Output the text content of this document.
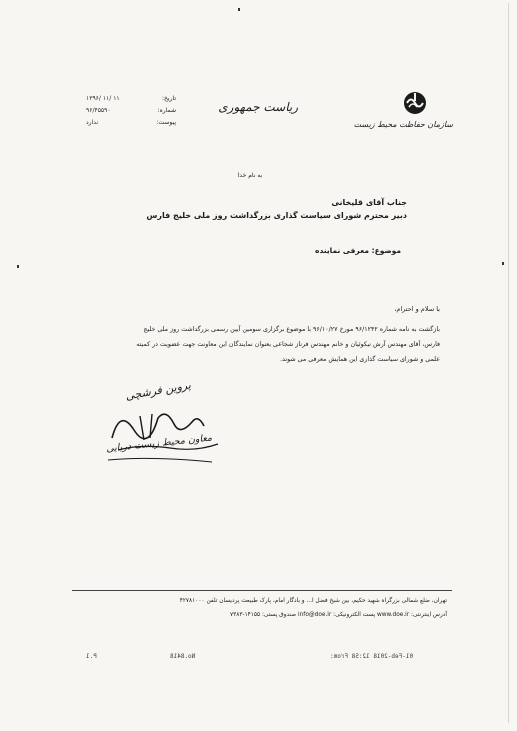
سازمان حفاظت محیط زیست
ریاست جمهوری
تاریخ:
۱۳۹۶/ ۱۱/ ۱۱
شماره:
۹۶/۴۵۵۹۰
پیوست:
ندارد
به نام خدا
جناب آقای قلیخانی
دبیر محترم شورای سیاست گذاری بزرگداشت روز ملی خلیج فارس
موضوع: معرفی نماینده
با سلام و احترام،

بازگشت به نامه شماره ۹۶/۱۲۴۲ مورخ ۹۶/۱۰/۲۷ با موضوع برگزاری سومین آیین رسمی بزرگداشت روز ملی خلیج

فارس، آقای مهندس آرش نیکوئیان و خانم مهندس فرناز شجاعی بعنوان نمایندگان این معاونت جهت عضویت در کمیته

علمی و شورای سیاست گذاری این همایش معرفی می شوند.

پروین فرشچی
معاون محیط زیست دریایی
تهران، ضلع شمالی بزرگراه شهید حکیم، بین شیخ فضل ا... و بادگار امام، پارک طبیعت پردیسان تلفن ۴۲۷۸۱۰۰۰
آدرس اینترنتی: www.doe.ir پست الکترونیکی: info@doe.ir صندوق پستی: ۱۴۱۵۵-۷۳۸۳
P.1	No.8418	01-Feb-2018 12:58 From:
